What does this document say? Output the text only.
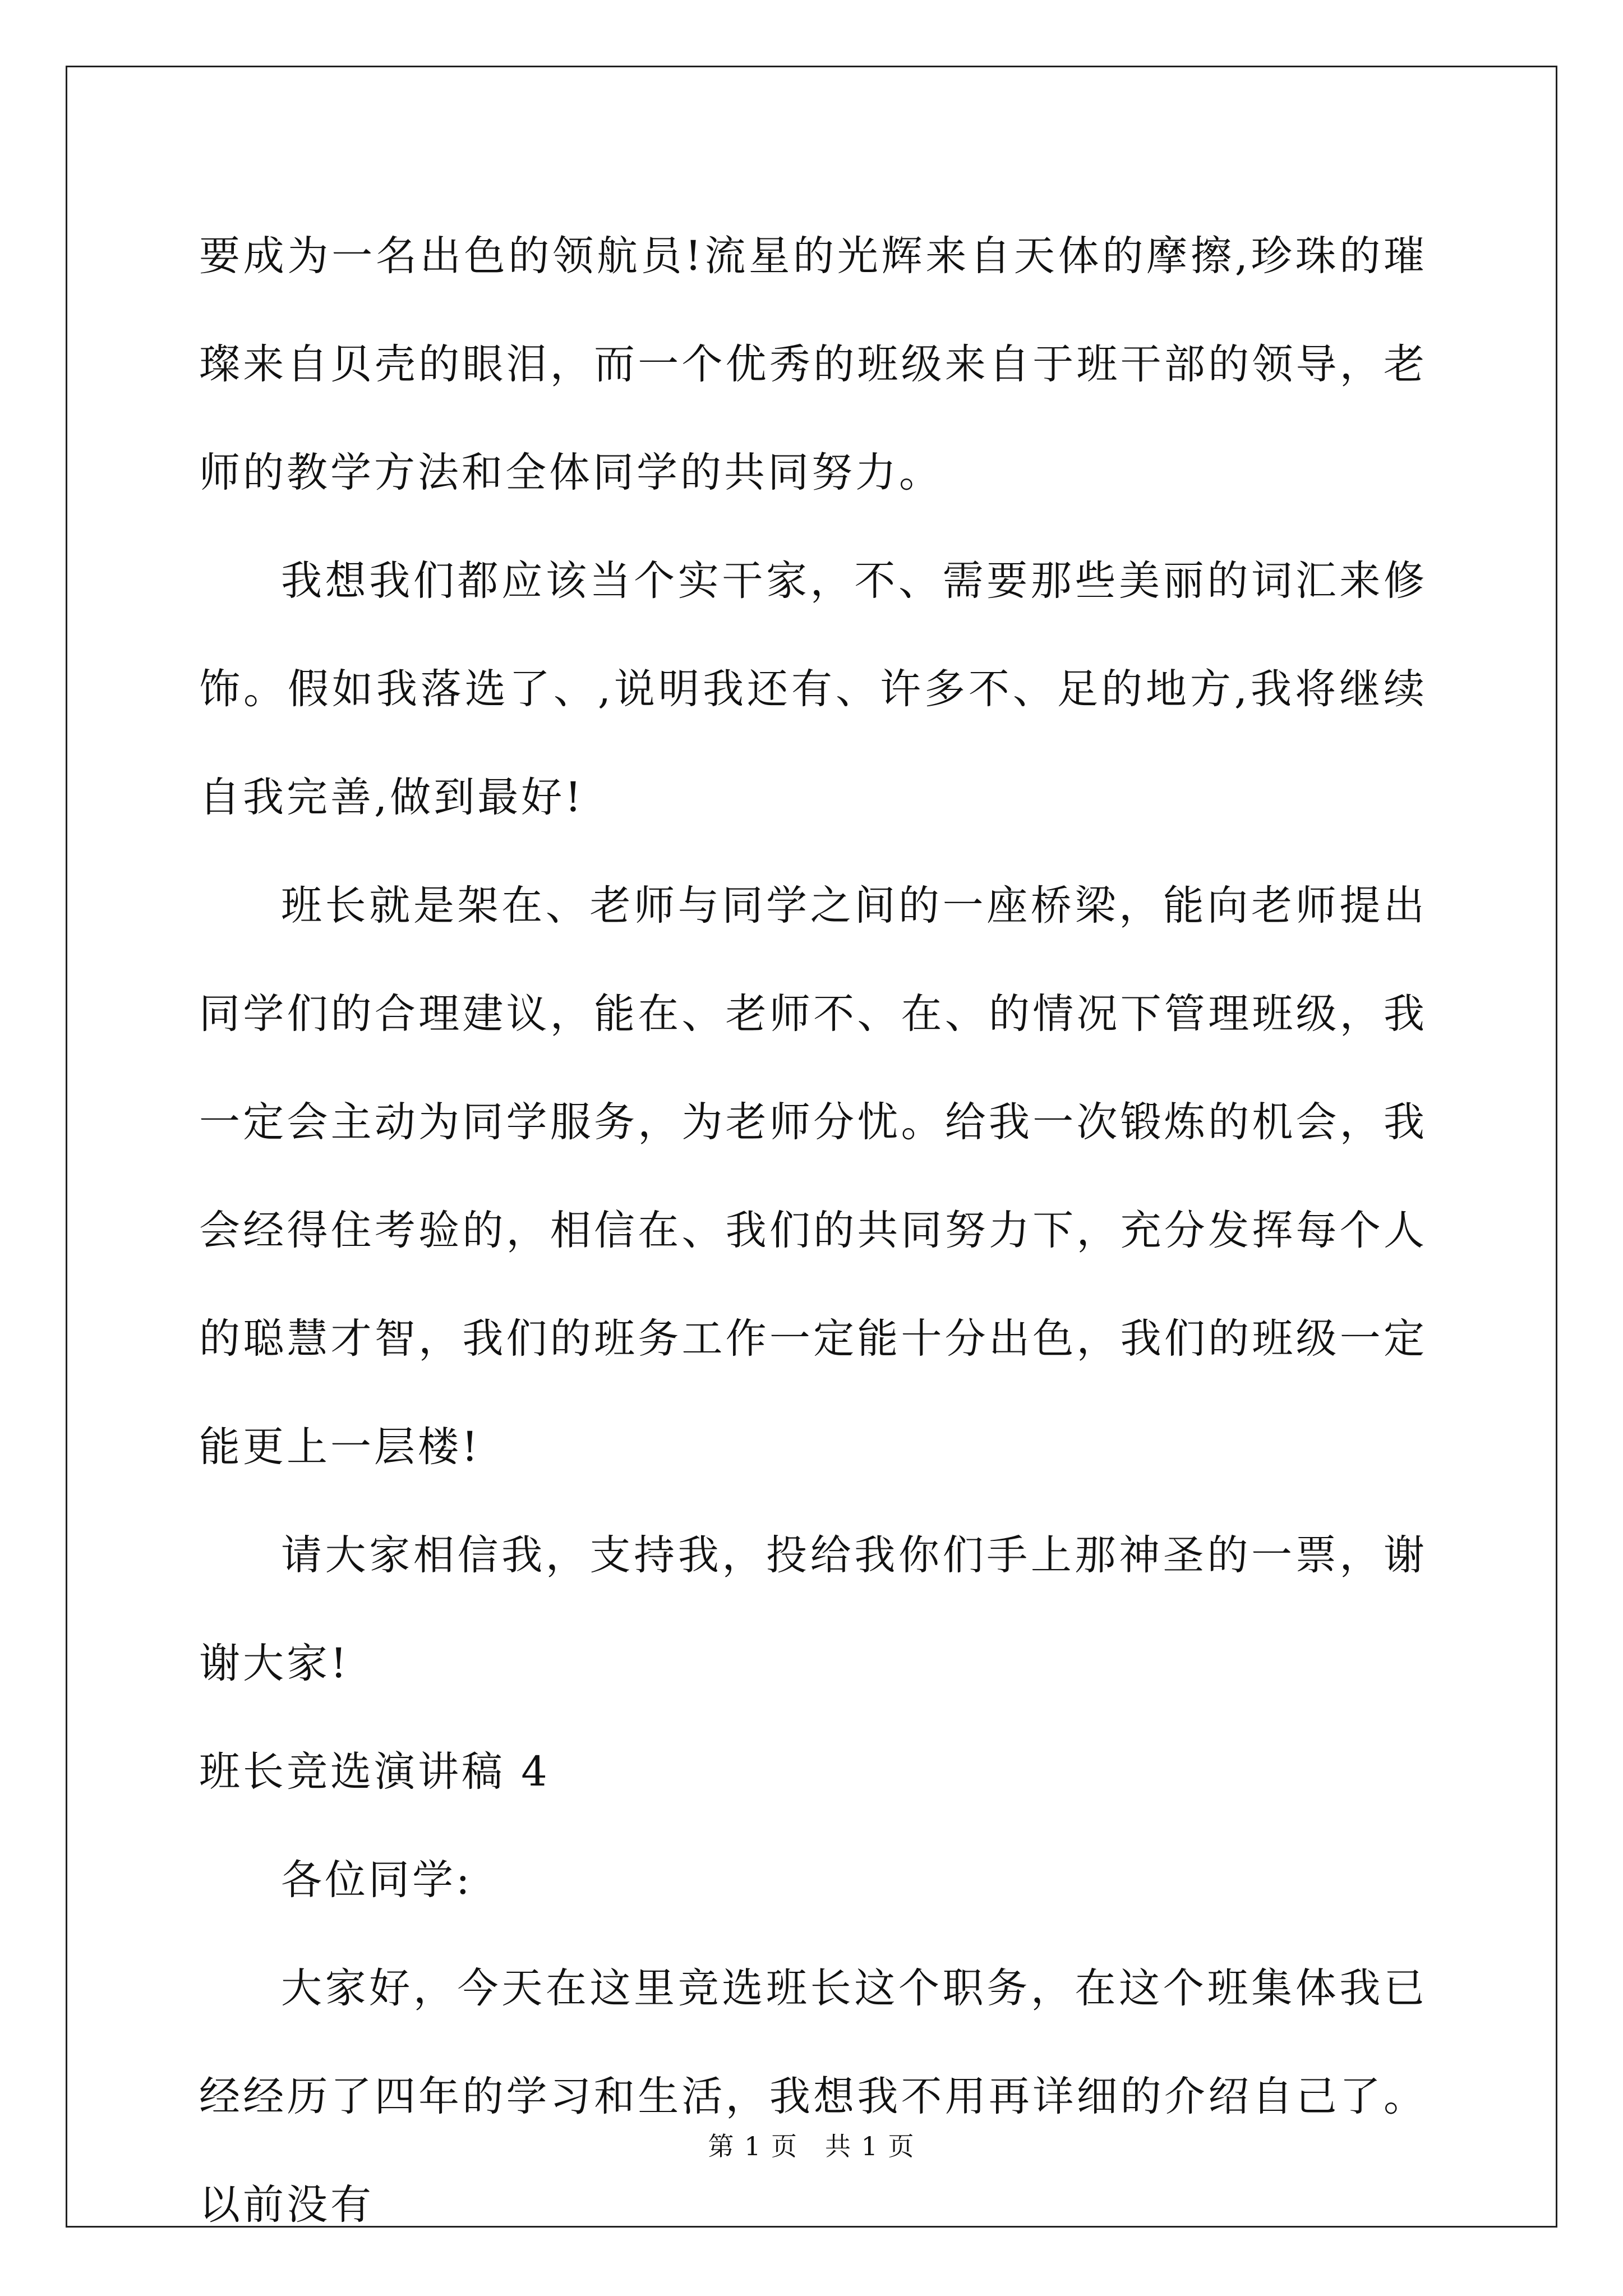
要成为一名出色的领航员!流星的光辉来自天体的摩擦,珍珠的璀璨来自贝壳的眼泪，而一个优秀的班级来自于班干部的领导，老师的教学方法和全体同学的共同努力。

我想我们都应该当个实干家，不、需要那些美丽的词汇来修饰。假如我落选了、,说明我还有、许多不、足的地方,我将继续自我完善,做到最好!

班长就是架在、老师与同学之间的一座桥梁，能向老师提出同学们的合理建议，能在、老师不、在、的情况下管理班级，我一定会主动为同学服务，为老师分忧。给我一次锻炼的机会，我会经得住考验的，相信在、我们的共同努力下，充分发挥每个人的聪慧才智，我们的班务工作一定能十分出色，我们的班级一定能更上一层楼!

请大家相信我，支持我，投给我你们手上那神圣的一票，谢谢大家!

班长竞选演讲稿 4

各位同学:

大家好，今天在这里竞选班长这个职务，在这个班集体我已经经历了四年的学习和生活，我想我不用再详细的介绍自己了。以前没有

第 1 页　共 1 页
